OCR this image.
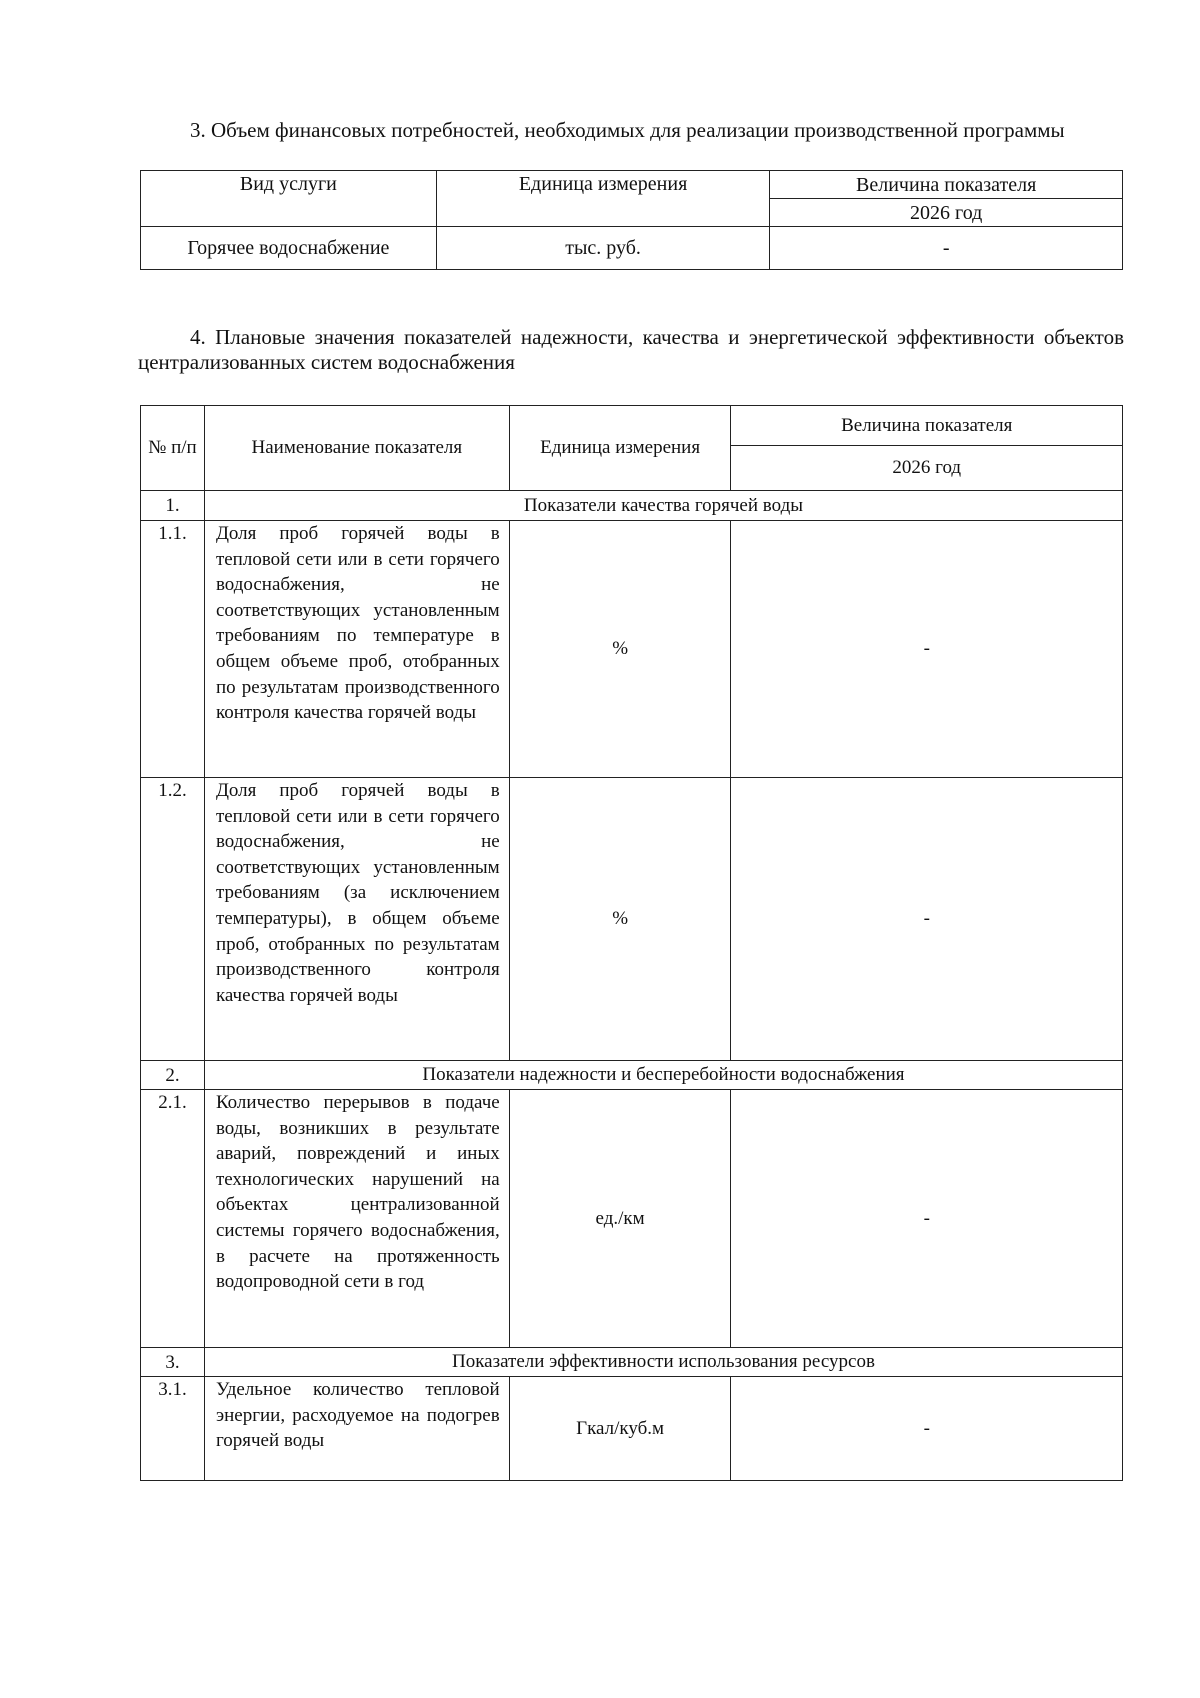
3. Объем финансовых потребностей, необходимых для реализации производственной программы
Вид услуги	Единица измерения	Величина показателя
		2026 год
Горячее водоснабжение	тыс. руб.	-
4. Плановые значения показателей надежности, качества и энергетической эффективности объектов централизованных систем водоснабжения
№ п/п	Наименование показателя	Единица измерения	Величина показателя
			2026 год
1.	Показатели качества горячей воды		
1.1.	Доля проб горячей воды в тепловой сети или в сети горячего водоснабжения, не соответствующих установленным требованиям по температуре в общем объеме проб, отобранных по результатам производственного контроля качества горячей воды	%	-
1.2.	Доля проб горячей воды в тепловой сети или в сети горячего водоснабжения, не соответствующих установленным требованиям (за исключением температуры), в общем объеме проб, отобранных по результатам производственного контроля качества горячей воды	%	-
2.	Показатели надежности и бесперебойности водоснабжения		
2.1.	Количество перерывов в подаче воды, возникших в результате аварий, повреждений и иных технологических нарушений на объектах централизованной системы горячего водоснабжения, в расчете на протяженность водопроводной сети в год	ед./км	-
3.	Показатели эффективности использования ресурсов		
3.1.	Удельное количество тепловой энергии, расходуемое на подогрев горячей воды	Гкал/куб.м	-
